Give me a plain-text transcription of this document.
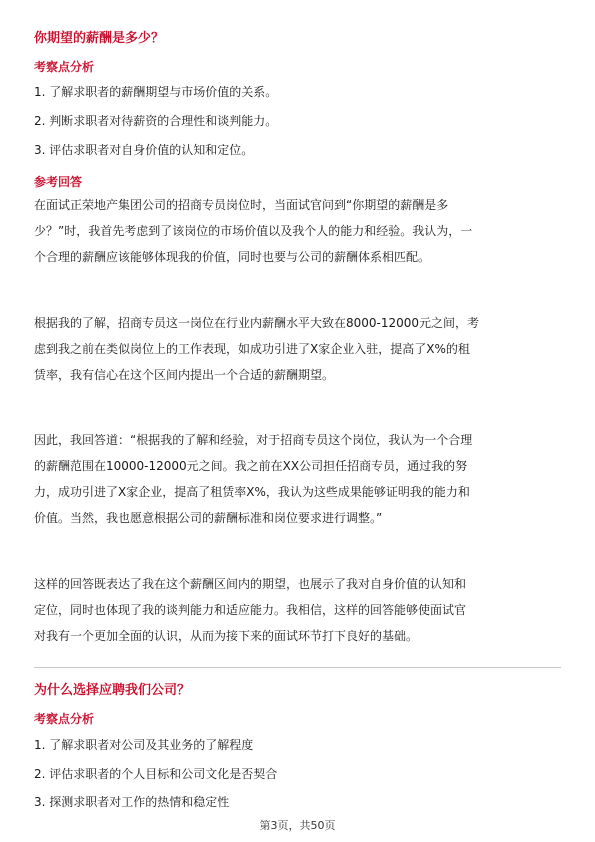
你期望的薪酬是多少？
考察点分析
1. 了解求职者的薪酬期望与市场价值的关系。
2. 判断求职者对待薪资的合理性和谈判能力。
3. 评估求职者对自身价值的认知和定位。
参考回答
在面试正荣地产集团公司的招商专员岗位时，当面试官问到“你期望的薪酬是多
少？”时，我首先考虑到了该岗位的市场价值以及我个人的能力和经验。我认为，一
个合理的薪酬应该能够体现我的价值，同时也要与公司的薪酬体系相匹配。
根据我的了解，招商专员这一岗位在行业内薪酬水平大致在8000-12000元之间，考
虑到我之前在类似岗位上的工作表现，如成功引进了X家企业入驻，提高了X%的租
赁率，我有信心在这个区间内提出一个合适的薪酬期望。
因此，我回答道：“根据我的了解和经验，对于招商专员这个岗位，我认为一个合理
的薪酬范围在10000-12000元之间。我之前在XX公司担任招商专员，通过我的努
力，成功引进了X家企业，提高了租赁率X%，我认为这些成果能够证明我的能力和
价值。当然，我也愿意根据公司的薪酬标准和岗位要求进行调整。”
这样的回答既表达了我在这个薪酬区间内的期望，也展示了我对自身价值的认知和
定位，同时也体现了我的谈判能力和适应能力。我相信，这样的回答能够使面试官
对我有一个更加全面的认识，从而为接下来的面试环节打下良好的基础。
为什么选择应聘我们公司？
考察点分析
1. 了解求职者对公司及其业务的了解程度
2. 评估求职者的个人目标和公司文化是否契合
3. 探测求职者对工作的热情和稳定性
第3页，共50页
